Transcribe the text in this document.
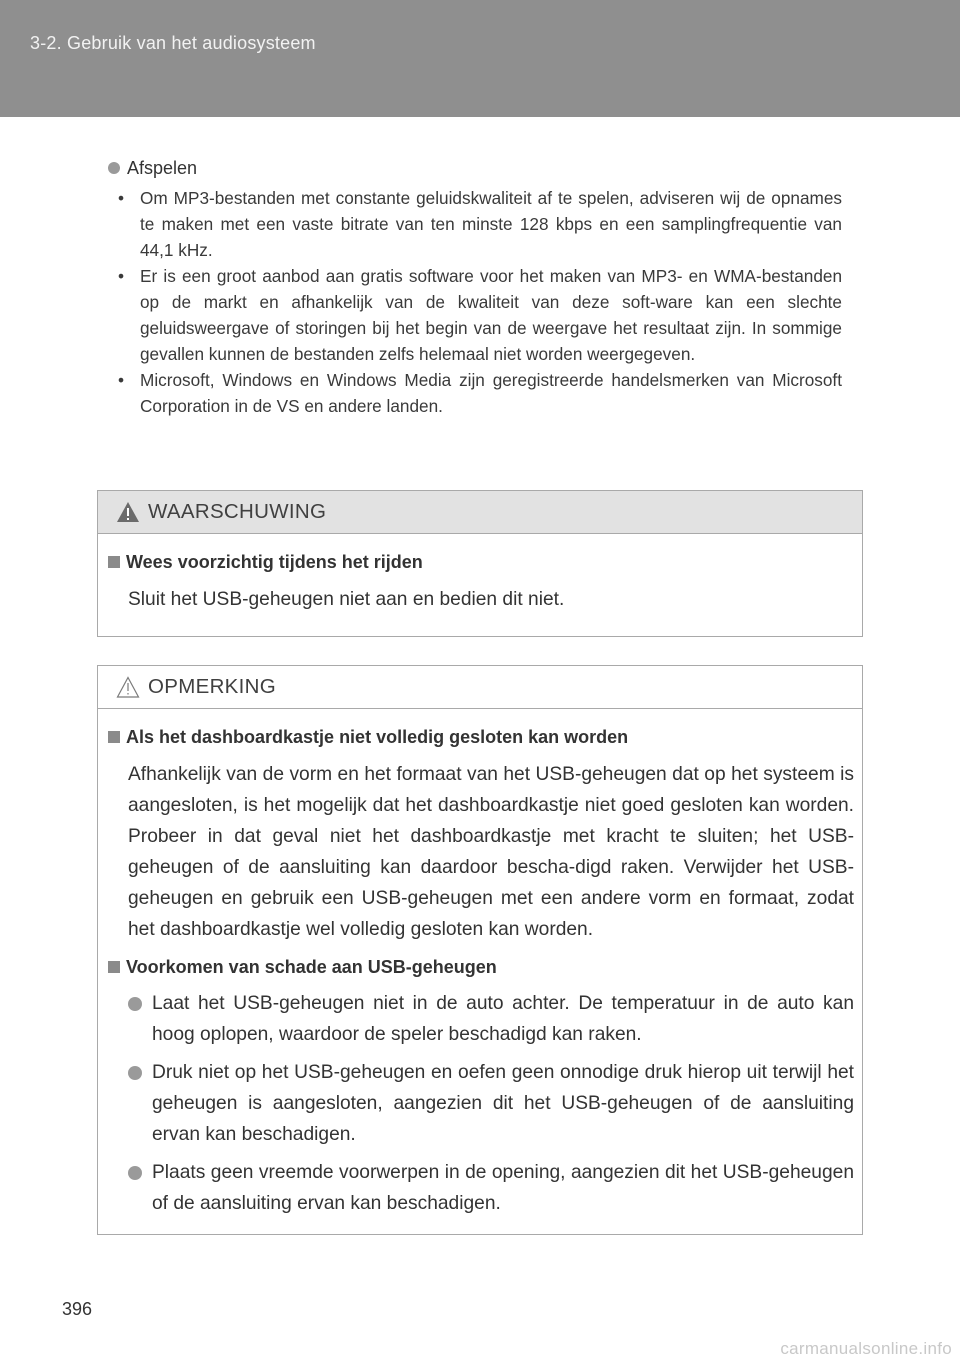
3-2. Gebruik van het audiosysteem
Afspelen
• Om MP3-bestanden met constante geluidskwaliteit af te spelen, adviseren wij de opnames te maken met een vaste bitrate van ten minste 128 kbps en een samplingfrequentie van 44,1 kHz.
• Er is een groot aanbod aan gratis software voor het maken van MP3- en WMA-bestanden op de markt en afhankelijk van de kwaliteit van deze soft-ware kan een slechte geluidsweergave of storingen bij het begin van de weergave het resultaat zijn. In sommige gevallen kunnen de bestanden zelfs helemaal niet worden weergegeven.
• Microsoft, Windows en Windows Media zijn geregistreerde handelsmerken van Microsoft Corporation in de VS en andere landen.
WAARSCHUWING
Wees voorzichtig tijdens het rijden
Sluit het USB-geheugen niet aan en bedien dit niet.
OPMERKING
Als het dashboardkastje niet volledig gesloten kan worden
Afhankelijk van de vorm en het formaat van het USB-geheugen dat op het systeem is aangesloten, is het mogelijk dat het dashboardkastje niet goed gesloten kan worden. Probeer in dat geval niet het dashboardkastje met kracht te sluiten; het USB-geheugen of de aansluiting kan daardoor bescha-digd raken. Verwijder het USB-geheugen en gebruik een USB-geheugen met een andere vorm en formaat, zodat het dashboardkastje wel volledig gesloten kan worden.
Voorkomen van schade aan USB-geheugen
Laat het USB-geheugen niet in de auto achter. De temperatuur in de auto kan hoog oplopen, waardoor de speler beschadigd kan raken.
Druk niet op het USB-geheugen en oefen geen onnodige druk hierop uit terwijl het geheugen is aangesloten, aangezien dit het USB-geheugen of de aansluiting ervan kan beschadigen.
Plaats geen vreemde voorwerpen in de opening, aangezien dit het USB-geheugen of de aansluiting ervan kan beschadigen.
396
carmanualsonline.info
